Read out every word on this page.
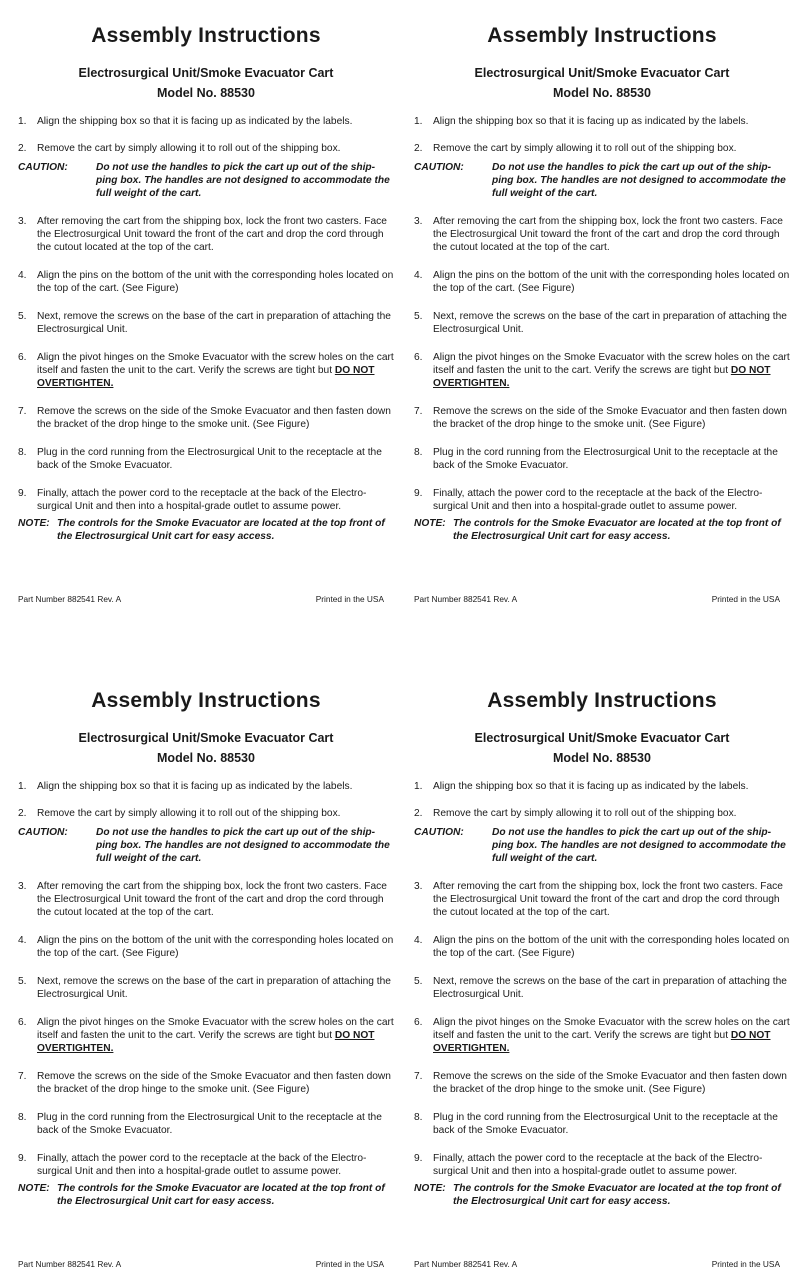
Assembly Instructions
Electrosurgical Unit/Smoke Evacuator Cart
Model No. 88530
1. Align the shipping box so that it is facing up as indicated by the labels.
2. Remove the cart by simply allowing it to roll out of the shipping box.
CAUTION:	Do not use the handles to pick the cart up out of the ship-ping box. The handles are not designed to accommodate the full weight of the cart.
3. After removing the cart from the shipping box, lock the front two casters. Face the Electrosurgical Unit toward the front of the cart and drop the cord through the cutout located at the top of the cart.
4. Align the pins on the bottom of the unit with the corresponding holes located on the top of the cart. (See Figure)
5. Next, remove the screws on the base of the cart in preparation of attaching the Electrosurgical Unit.
6. Align the pivot hinges on the Smoke Evacuator with the screw holes on the cart itself and fasten the unit to the cart. Verify the screws are tight but DO NOT OVERTIGHTEN.
7. Remove the screws on the side of the Smoke Evacuator and then fasten down the bracket of the drop hinge to the smoke unit. (See Figure)
8. Plug in the cord running from the Electrosurgical Unit to the receptacle at the back of the Smoke Evacuator.
9. Finally, attach the power cord to the receptacle at the back of the Electro-surgical Unit and then into a hospital-grade outlet to assume power.
NOTE: The controls for the Smoke Evacuator are located at the top front of the Electrosurgical Unit cart for easy access.
Part Number 882541 Rev. A	Printed in the USA
Assembly Instructions
Electrosurgical Unit/Smoke Evacuator Cart
Model No. 88530
1. Align the shipping box so that it is facing up as indicated by the labels.
2. Remove the cart by simply allowing it to roll out of the shipping box.
CAUTION:	Do not use the handles to pick the cart up out of the ship-ping box. The handles are not designed to accommodate the full weight of the cart.
3. After removing the cart from the shipping box, lock the front two casters. Face the Electrosurgical Unit toward the front of the cart and drop the cord through the cutout located at the top of the cart.
4. Align the pins on the bottom of the unit with the corresponding holes located on the top of the cart. (See Figure)
5. Next, remove the screws on the base of the cart in preparation of attaching the Electrosurgical Unit.
6. Align the pivot hinges on the Smoke Evacuator with the screw holes on the cart itself and fasten the unit to the cart. Verify the screws are tight but DO NOT OVERTIGHTEN.
7. Remove the screws on the side of the Smoke Evacuator and then fasten down the bracket of the drop hinge to the smoke unit. (See Figure)
8. Plug in the cord running from the Electrosurgical Unit to the receptacle at the back of the Smoke Evacuator.
9. Finally, attach the power cord to the receptacle at the back of the Electro-surgical Unit and then into a hospital-grade outlet to assume power.
NOTE: The controls for the Smoke Evacuator are located at the top front of the Electrosurgical Unit cart for easy access.
Part Number 882541 Rev. A	Printed in the USA
Assembly Instructions
Electrosurgical Unit/Smoke Evacuator Cart
Model No. 88530
1. Align the shipping box so that it is facing up as indicated by the labels.
2. Remove the cart by simply allowing it to roll out of the shipping box.
CAUTION:	Do not use the handles to pick the cart up out of the ship-ping box. The handles are not designed to accommodate the full weight of the cart.
3. After removing the cart from the shipping box, lock the front two casters. Face the Electrosurgical Unit toward the front of the cart and drop the cord through the cutout located at the top of the cart.
4. Align the pins on the bottom of the unit with the corresponding holes located on the top of the cart. (See Figure)
5. Next, remove the screws on the base of the cart in preparation of attaching the Electrosurgical Unit.
6. Align the pivot hinges on the Smoke Evacuator with the screw holes on the cart itself and fasten the unit to the cart. Verify the screws are tight but DO NOT OVERTIGHTEN.
7. Remove the screws on the side of the Smoke Evacuator and then fasten down the bracket of the drop hinge to the smoke unit. (See Figure)
8. Plug in the cord running from the Electrosurgical Unit to the receptacle at the back of the Smoke Evacuator.
9. Finally, attach the power cord to the receptacle at the back of the Electro-surgical Unit and then into a hospital-grade outlet to assume power.
NOTE: The controls for the Smoke Evacuator are located at the top front of the Electrosurgical Unit cart for easy access.
Part Number 882541 Rev. A	Printed in the USA
Assembly Instructions
Electrosurgical Unit/Smoke Evacuator Cart
Model No. 88530
1. Align the shipping box so that it is facing up as indicated by the labels.
2. Remove the cart by simply allowing it to roll out of the shipping box.
CAUTION:	Do not use the handles to pick the cart up out of the ship-ping box. The handles are not designed to accommodate the full weight of the cart.
3. After removing the cart from the shipping box, lock the front two casters. Face the Electrosurgical Unit toward the front of the cart and drop the cord through the cutout located at the top of the cart.
4. Align the pins on the bottom of the unit with the corresponding holes located on the top of the cart. (See Figure)
5. Next, remove the screws on the base of the cart in preparation of attaching the Electrosurgical Unit.
6. Align the pivot hinges on the Smoke Evacuator with the screw holes on the cart itself and fasten the unit to the cart. Verify the screws are tight but DO NOT OVERTIGHTEN.
7. Remove the screws on the side of the Smoke Evacuator and then fasten down the bracket of the drop hinge to the smoke unit. (See Figure)
8. Plug in the cord running from the Electrosurgical Unit to the receptacle at the back of the Smoke Evacuator.
9. Finally, attach the power cord to the receptacle at the back of the Electro-surgical Unit and then into a hospital-grade outlet to assume power.
NOTE: The controls for the Smoke Evacuator are located at the top front of the Electrosurgical Unit cart for easy access.
Part Number 882541 Rev. A	Printed in the USA
